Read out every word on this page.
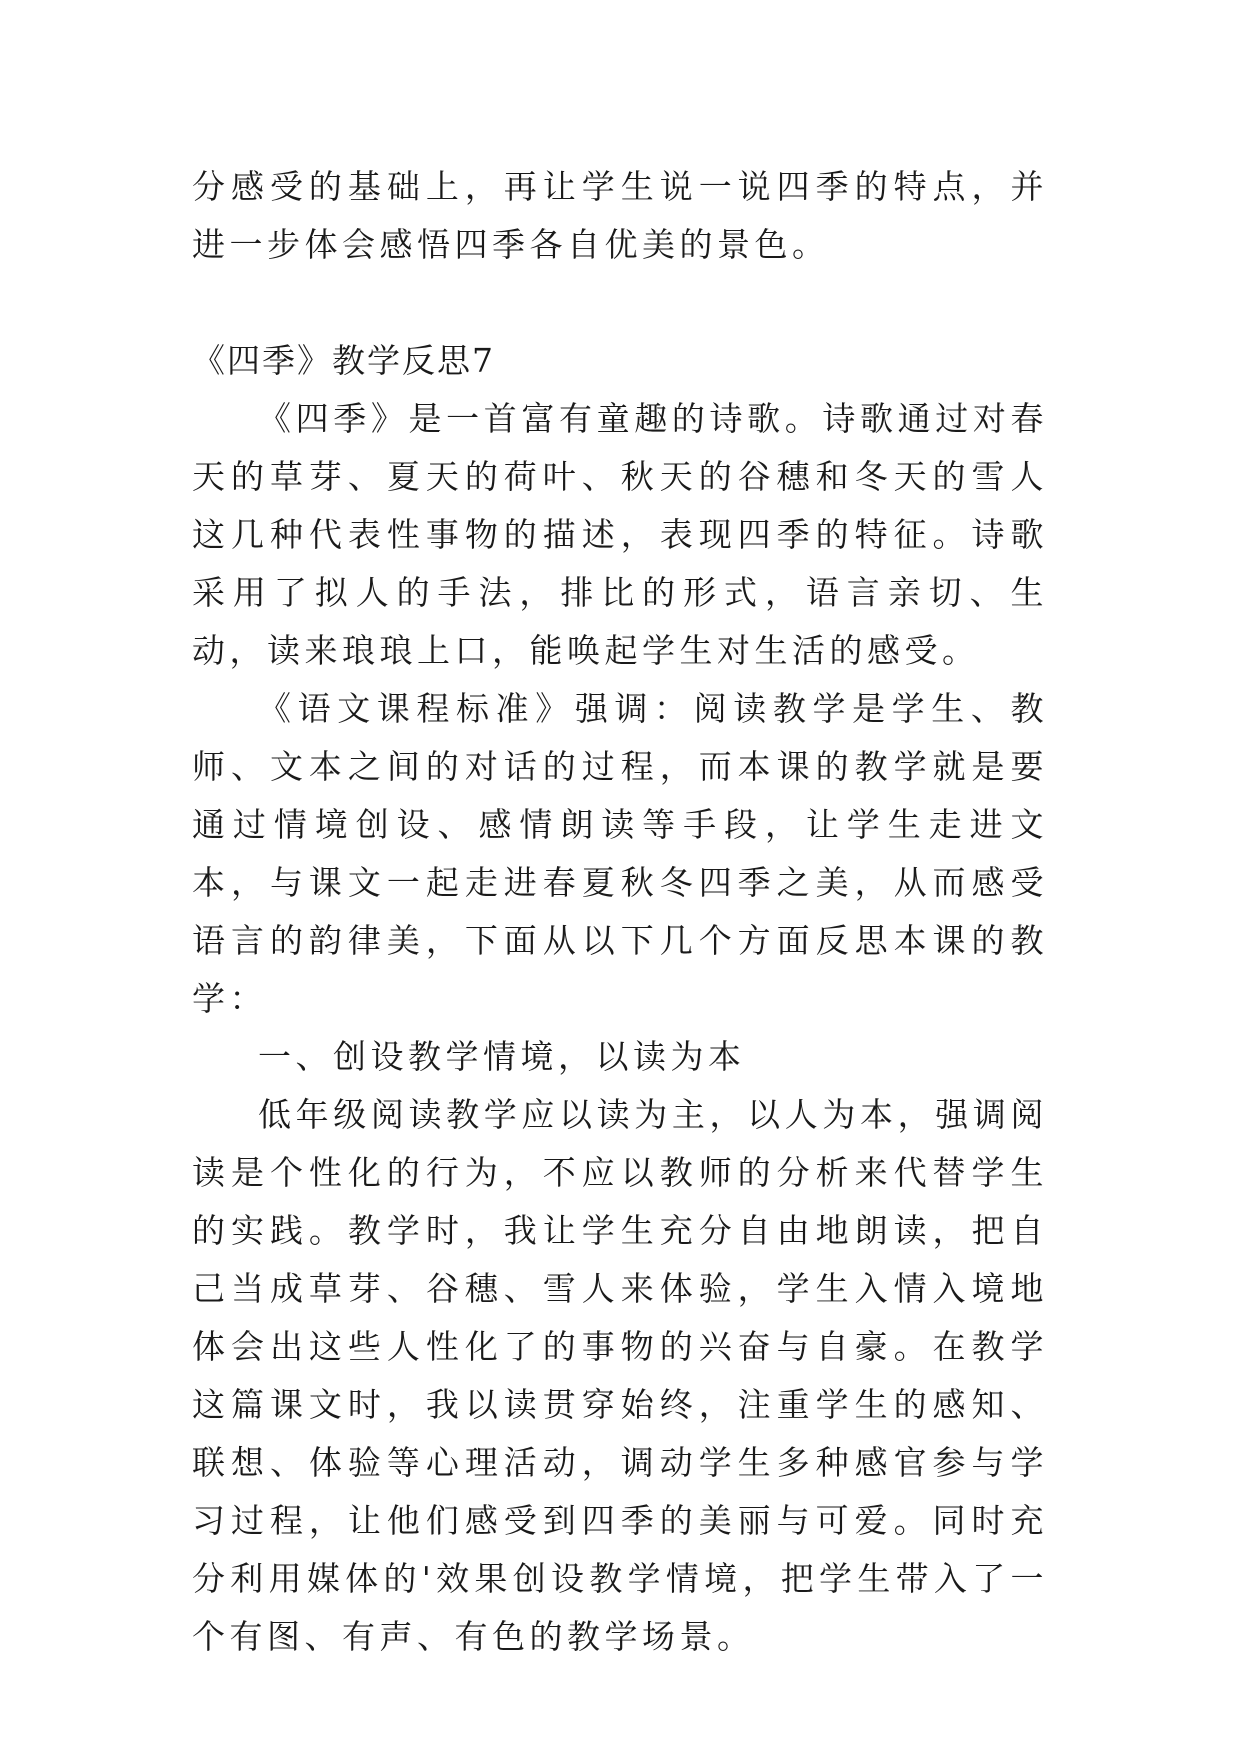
分感受的基础上，再让学生说一说四季的特点，并进一步体会感悟四季各自优美的景色。

《四季》教学反思7

《四季》是一首富有童趣的诗歌。诗歌通过对春天的草芽、夏天的荷叶、秋天的谷穗和冬天的雪人这几种代表性事物的描述，表现四季的特征。诗歌采用了拟人的手法，排比的形式，语言亲切、生动，读来琅琅上口，能唤起学生对生活的感受。

《语文课程标准》强调：阅读教学是学生、教师、文本之间的对话的过程，而本课的教学就是要通过情境创设、感情朗读等手段，让学生走进文本，与课文一起走进春夏秋冬四季之美，从而感受语言的韵律美，下面从以下几个方面反思本课的教学：

一、创设教学情境，以读为本

低年级阅读教学应以读为主，以人为本，强调阅读是个性化的行为，不应以教师的分析来代替学生的实践。教学时，我让学生充分自由地朗读，把自己当成草芽、谷穗、雪人来体验，学生入情入境地体会出这些人性化了的事物的兴奋与自豪。在教学这篇课文时，我以读贯穿始终，注重学生的感知、联想、体验等心理活动，调动学生多种感官参与学习过程，让他们感受到四季的美丽与可爱。同时充分利用媒体的'效果创设教学情境，把学生带入了一个有图、有声、有色的教学场景。
